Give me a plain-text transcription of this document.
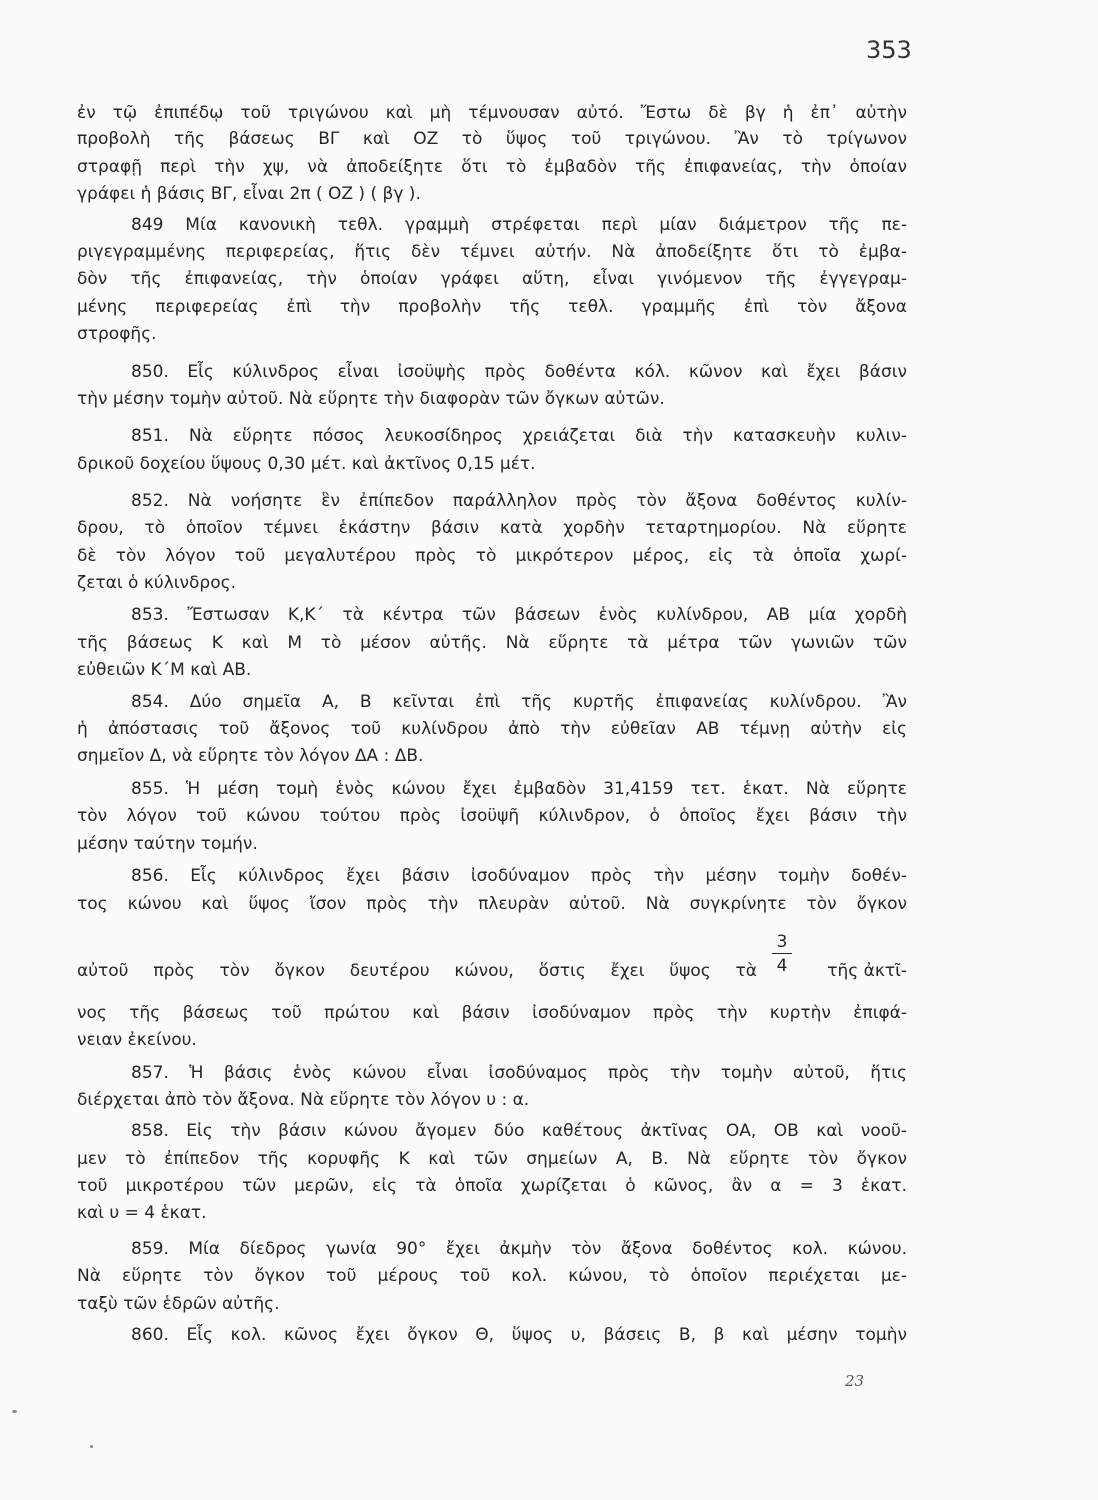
353
ἐν τῷ ἐπιπέδῳ τοῦ τριγώνου καὶ μὴ τέμνουσαν αὐτό. Ἔστω δὲ βγ ἡ ἐπ᾽ αὐτὴν
προβολὴ τῆς βάσεως ΒΓ καὶ ΟΖ τὸ ὕψος τοῦ τριγώνου. Ἂν τὸ τρίγωνον
στραφῇ περὶ τὴν χψ, νὰ ἀποδείξητε ὅτι τὸ ἐμβαδὸν τῆς ἐπιφανείας, τὴν ὁποίαν
γράφει ἡ βάσις ΒΓ, εἶναι 2π ( ΟΖ ) ( βγ ).
849 Μία κανονικὴ τεθλ. γραμμὴ στρέφεται περὶ μίαν διάμετρον τῆς πε-
ριγεγραμμένης περιφερείας, ἥτις δὲν τέμνει αὐτήν. Νὰ ἀποδείξητε ὅτι τὸ ἐμβα-
δὸν τῆς ἐπιφανείας, τὴν ὁποίαν γράφει αὕτη, εἶναι γινόμενον τῆς ἐγγεγραμ-
μένης περιφερείας ἐπὶ τὴν προβολὴν τῆς τεθλ. γραμμῆς ἐπὶ τὸν ἄξονα
στροφῆς.
850. Εἷς κύλινδρος εἶναι ἰσοϋψὴς πρὸς δοθέντα κόλ. κῶνον καὶ ἔχει βάσιν
τὴν μέσην τομὴν αὐτοῦ. Νὰ εὕρητε τὴν διαφορὰν τῶν ὄγκων αὐτῶν.
851. Νὰ εὕρητε πόσος λευκοσίδηρος χρειάζεται διὰ τὴν κατασκευὴν κυλιν-
δρικοῦ δοχείου ὕψους 0,30 μέτ. καὶ ἀκτῖνος 0,15 μέτ.
852. Νὰ νοήσητε ἓν ἐπίπεδον παράλληλον πρὸς τὸν ἄξονα δοθέντος κυλίν-
δρου, τὸ ὁποῖον τέμνει ἑκάστην βάσιν κατὰ χορδὴν τεταρτημορίου. Νὰ εὕρητε
δὲ τὸν λόγον τοῦ μεγαλυτέρου πρὸς τὸ μικρότερον μέρος, εἰς τὰ ὁποῖα χωρί-
ζεται ὁ κύλινδρος.
853. Ἔστωσαν Κ,Κ΄ τὰ κέντρα τῶν βάσεων ἑνὸς κυλίνδρου, ΑΒ μία χορδὴ
τῆς βάσεως Κ καὶ Μ τὸ μέσον αὐτῆς. Νὰ εὕρητε τὰ μέτρα τῶν γωνιῶν τῶν
εὐθειῶν Κ΄Μ καὶ ΑΒ.
854. Δύο σημεῖα Α, Β κεῖνται ἐπὶ τῆς κυρτῆς ἐπιφανείας κυλίνδρου. Ἂν
ἡ ἀπόστασις τοῦ ἄξονος τοῦ κυλίνδρου ἀπὸ τὴν εὐθεῖαν ΑΒ τέμνῃ αὐτὴν εἰς
σημεῖον Δ, νὰ εὕρητε τὸν λόγον ΔΑ : ΔΒ.
855. Ἡ μέση τομὴ ἑνὸς κώνου ἔχει ἐμβαδὸν 31,4159 τετ. ἑκατ. Νὰ εὕρητε
τὸν λόγον τοῦ κώνου τούτου πρὸς ἰσοϋψῆ κύλινδρον, ὁ ὁποῖος ἔχει βάσιν τὴν
μέσην ταύτην τομήν.
856. Εἷς κύλινδρος ἔχει βάσιν ἰσοδύναμον πρὸς τὴν μέσην τομὴν δοθέν-
τος κώνου καὶ ὕψος ἴσον πρὸς τὴν πλευρὰν αὐτοῦ. Νὰ συγκρίνητε τὸν ὄγκον
αὐτοῦ πρὸς τὸν ὄγκον δευτέρου κώνου, ὅστις ἔχει ὕψος τὰ	τῆς ἀκτῖ-
νος τῆς βάσεως τοῦ πρώτου καὶ βάσιν ἰσοδύναμον πρὸς τὴν κυρτὴν ἐπιφά-
νειαν ἐκείνου.
857. Ἡ βάσις ἑνὸς κώνου εἶναι ἰσοδύναμος πρὸς τὴν τομὴν αὐτοῦ, ἥτις
διέρχεται ἀπὸ τὸν ἄξονα. Νὰ εὕρητε τὸν λόγον υ : α.
858. Εἰς τὴν βάσιν κώνου ἄγομεν δύο καθέτους ἀκτῖνας ΟΑ, ΟΒ καὶ νοοῦ-
μεν τὸ ἐπίπεδον τῆς κορυφῆς Κ καὶ τῶν σημείων Α, Β. Νὰ εὕρητε τὸν ὄγκον
τοῦ μικροτέρου τῶν μερῶν, εἰς τὰ ὁποῖα χωρίζεται ὁ κῶνος, ἂν α = 3 ἑκατ.
καὶ υ = 4 ἑκατ.
859. Μία δίεδρος γωνία 90° ἔχει ἀκμὴν τὸν ἄξονα δοθέντος κολ. κώνου.
Νὰ εὕρητε τὸν ὄγκον τοῦ μέρους τοῦ κολ. κώνου, τὸ ὁποῖον περιέχεται με-
ταξὺ τῶν ἑδρῶν αὐτῆς.
860. Εἷς κολ. κῶνος ἔχει ὄγκον Θ, ὕψος υ, βάσεις Β, β καὶ μέσην τομὴν
$\frac{3}{4}$
23
